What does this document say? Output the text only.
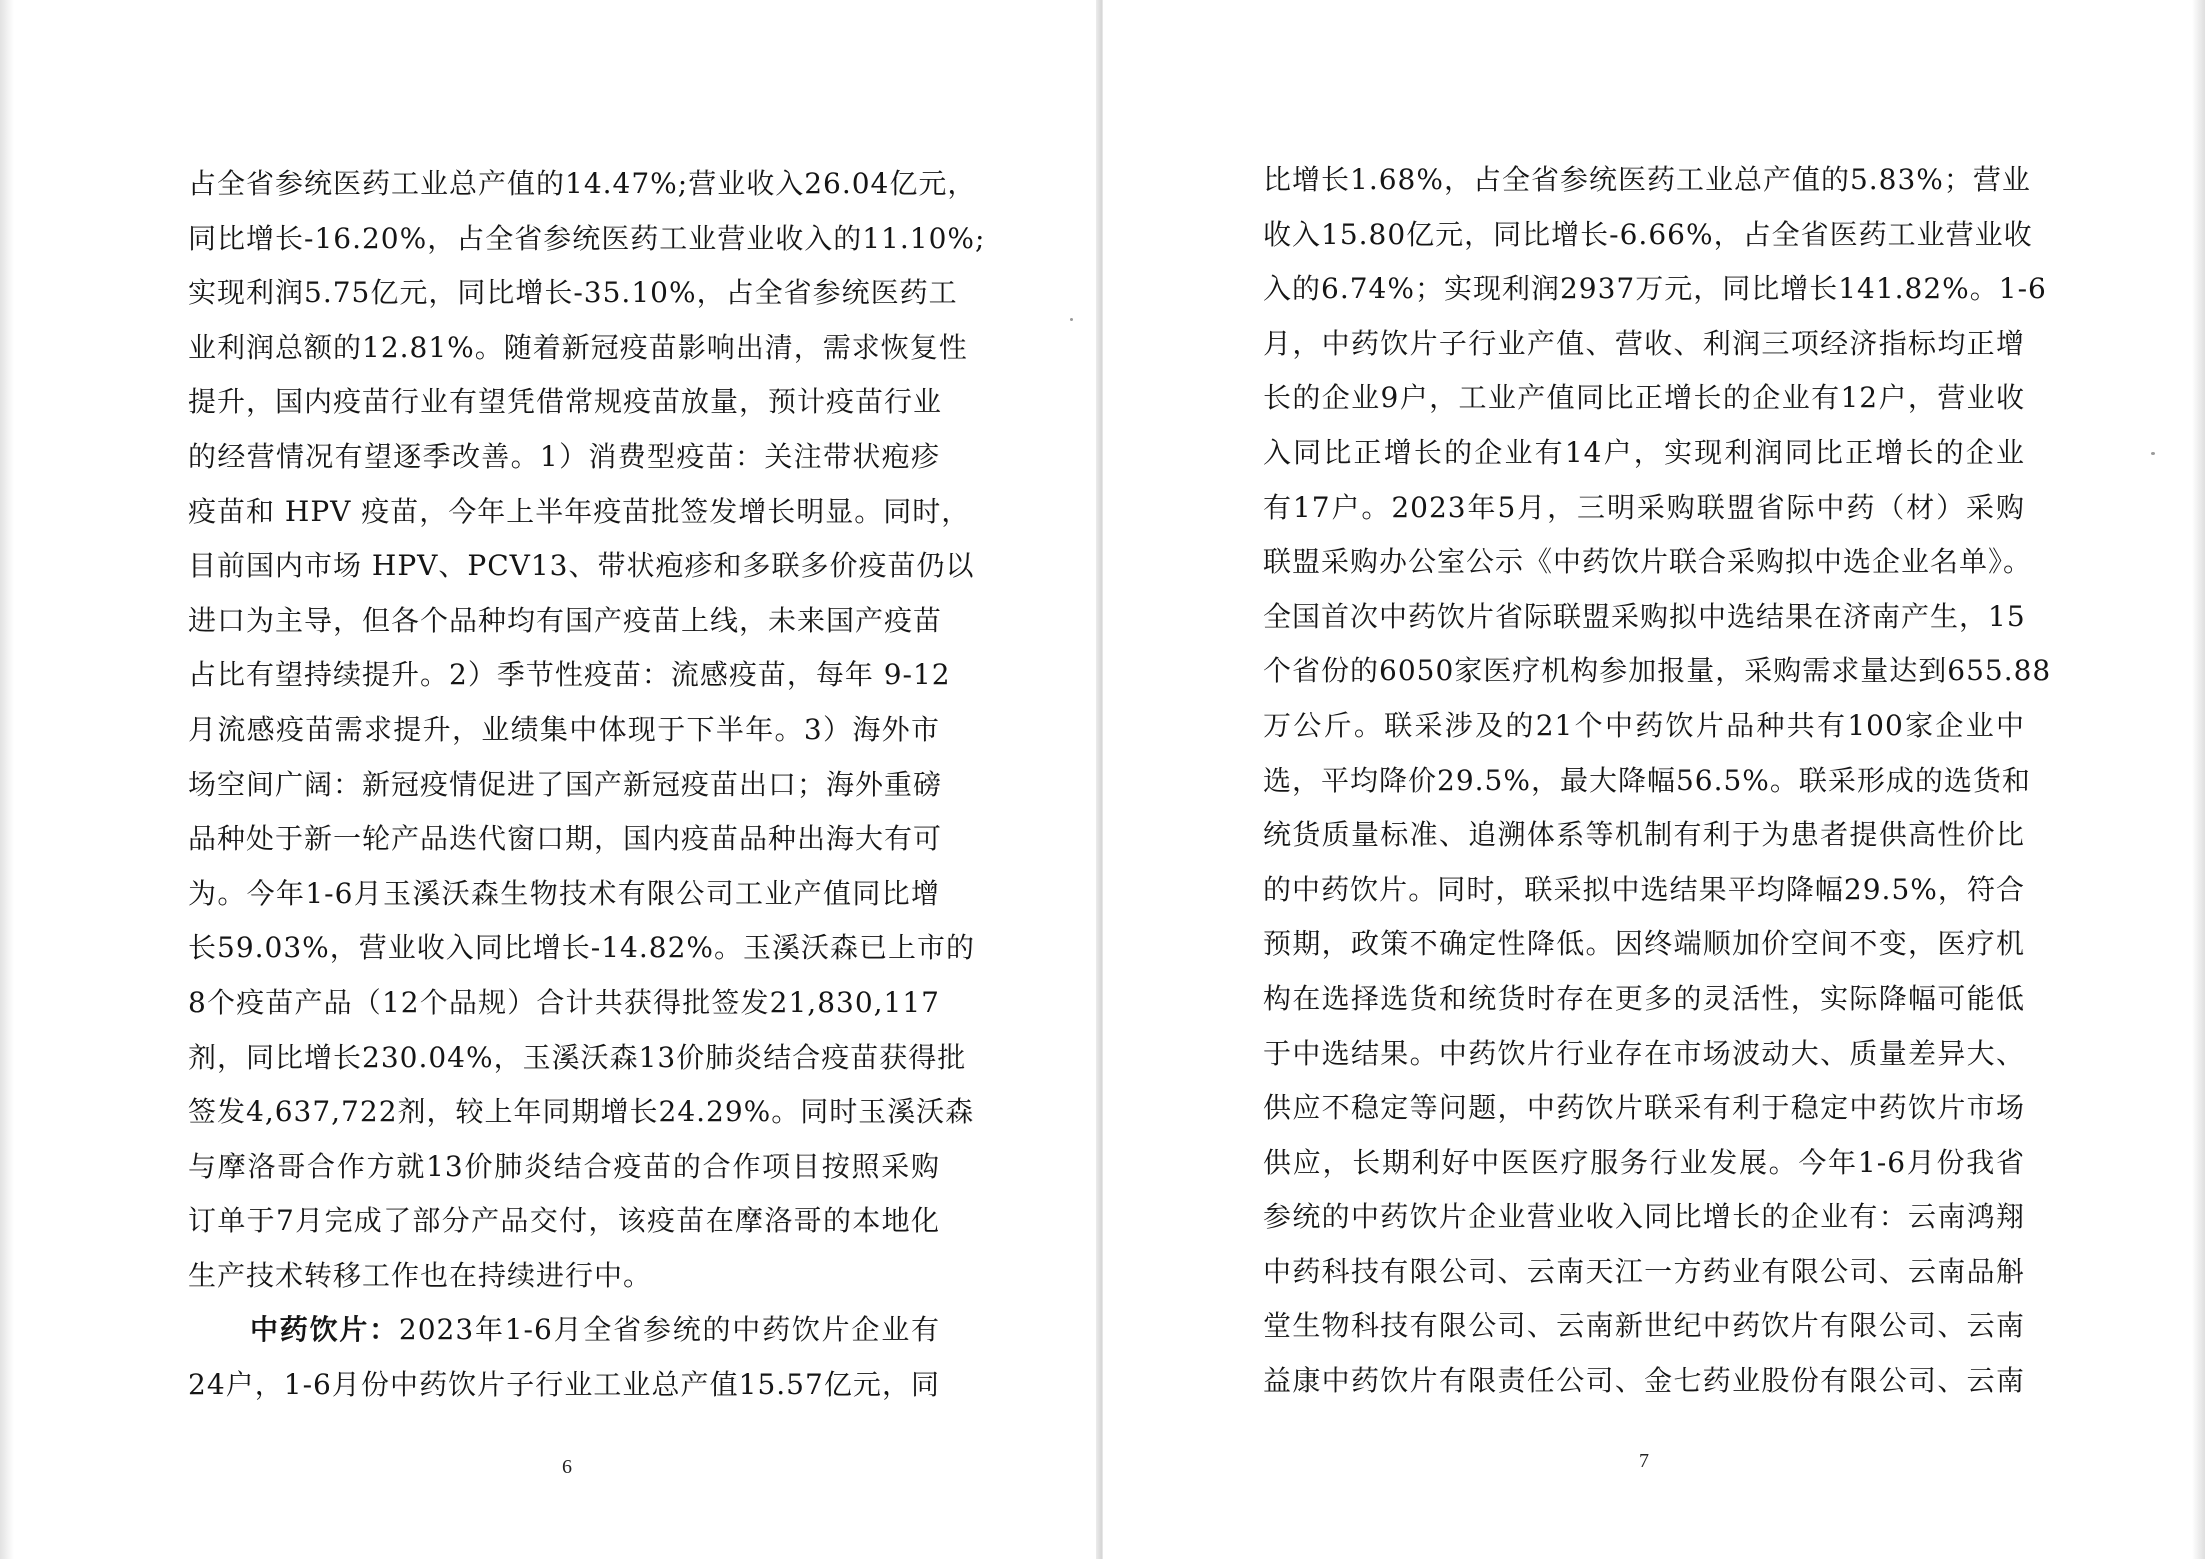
占全省参统医药工业总产值的14.47%;营业收入26.04亿元，
同比增长-16.20%，占全省参统医药工业营业收入的11.10%;
实现利润5.75亿元，同比增长-35.10%，占全省参统医药工
业利润总额的12.81%。随着新冠疫苗影响出清，需求恢复性
提升，国内疫苗行业有望凭借常规疫苗放量，预计疫苗行业
的经营情况有望逐季改善。1）消费型疫苗：关注带状疱疹
疫苗和 HPV 疫苗，今年上半年疫苗批签发增长明显。同时，
目前国内市场 HPV、PCV13、带状疱疹和多联多价疫苗仍以
进口为主导，但各个品种均有国产疫苗上线，未来国产疫苗
占比有望持续提升。2）季节性疫苗：流感疫苗，每年 9-12
月流感疫苗需求提升，业绩集中体现于下半年。3）海外市
场空间广阔：新冠疫情促进了国产新冠疫苗出口；海外重磅
品种处于新一轮产品迭代窗口期，国内疫苗品种出海大有可
为。今年1-6月玉溪沃森生物技术有限公司工业产值同比增
长59.03%，营业收入同比增长-14.82%。玉溪沃森已上市的
8个疫苗产品（12个品规）合计共获得批签发21,830,117
剂，同比增长230.04%，玉溪沃森13价肺炎结合疫苗获得批
签发4,637,722剂，较上年同期增长24.29%。同时玉溪沃森
与摩洛哥合作方就13价肺炎结合疫苗的合作项目按照采购
订单于7月完成了部分产品交付，该疫苗在摩洛哥的本地化
生产技术转移工作也在持续进行中。
中药饮片：2023年1-6月全省参统的中药饮片企业有
24户，1-6月份中药饮片子行业工业总产值15.57亿元，同
6
比增长1.68%，占全省参统医药工业总产值的5.83%；营业
收入15.80亿元，同比增长-6.66%，占全省医药工业营业收
入的6.74%；实现利润2937万元，同比增长141.82%。1-6
月，中药饮片子行业产值、营收、利润三项经济指标均正增
长的企业9户，工业产值同比正增长的企业有12户，营业收
入同比正增长的企业有14户，实现利润同比正增长的企业
有17户。2023年5月，三明采购联盟省际中药（材）采购
联盟采购办公室公示《中药饮片联合采购拟中选企业名单》。
全国首次中药饮片省际联盟采购拟中选结果在济南产生，15
个省份的6050家医疗机构参加报量，采购需求量达到655.88
万公斤。联采涉及的21个中药饮片品种共有100家企业中
选，平均降价29.5%，最大降幅56.5%。联采形成的选货和
统货质量标准、追溯体系等机制有利于为患者提供高性价比
的中药饮片。同时，联采拟中选结果平均降幅29.5%，符合
预期，政策不确定性降低。因终端顺加价空间不变，医疗机
构在选择选货和统货时存在更多的灵活性，实际降幅可能低
于中选结果。中药饮片行业存在市场波动大、质量差异大、
供应不稳定等问题，中药饮片联采有利于稳定中药饮片市场
供应，长期利好中医医疗服务行业发展。今年1-6月份我省
参统的中药饮片企业营业收入同比增长的企业有：云南鸿翔
中药科技有限公司、云南天江一方药业有限公司、云南品斛
堂生物科技有限公司、云南新世纪中药饮片有限公司、云南
益康中药饮片有限责任公司、金七药业股份有限公司、云南
7
